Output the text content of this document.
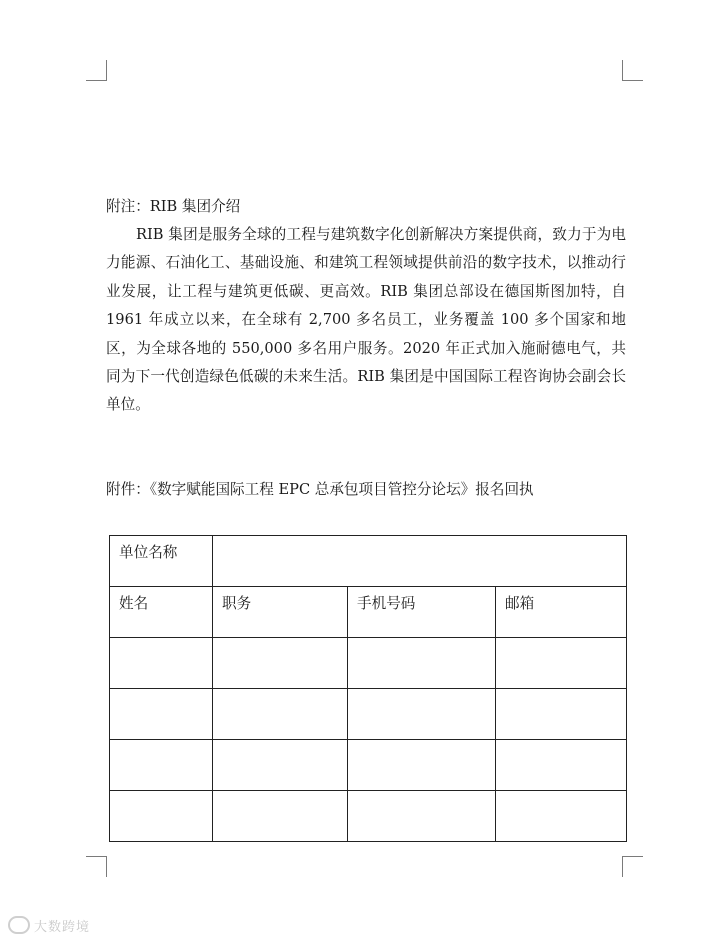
附注：RIB 集团介绍

RIB 集团是服务全球的工程与建筑数字化创新解决方案提供商，致力于为电力能源、石油化工、基础设施、和建筑工程领域提供前沿的数字技术，以推动行业发展，让工程与建筑更低碳、更高效。RIB 集团总部设在德国斯图加特，自 1961 年成立以来，在全球有 2,700 多名员工，业务覆盖 100 多个国家和地区，为全球各地的 550,000 多名用户服务。2020 年正式加入施耐德电气，共同为下一代创造绿色低碳的未来生活。RIB 集团是中国国际工程咨询协会副会长单位。

附件：《数字赋能国际工程 EPC 总承包项目管控分论坛》报名回执
单位名称			
姓名	职务	手机号码	邮箱

大数跨境
